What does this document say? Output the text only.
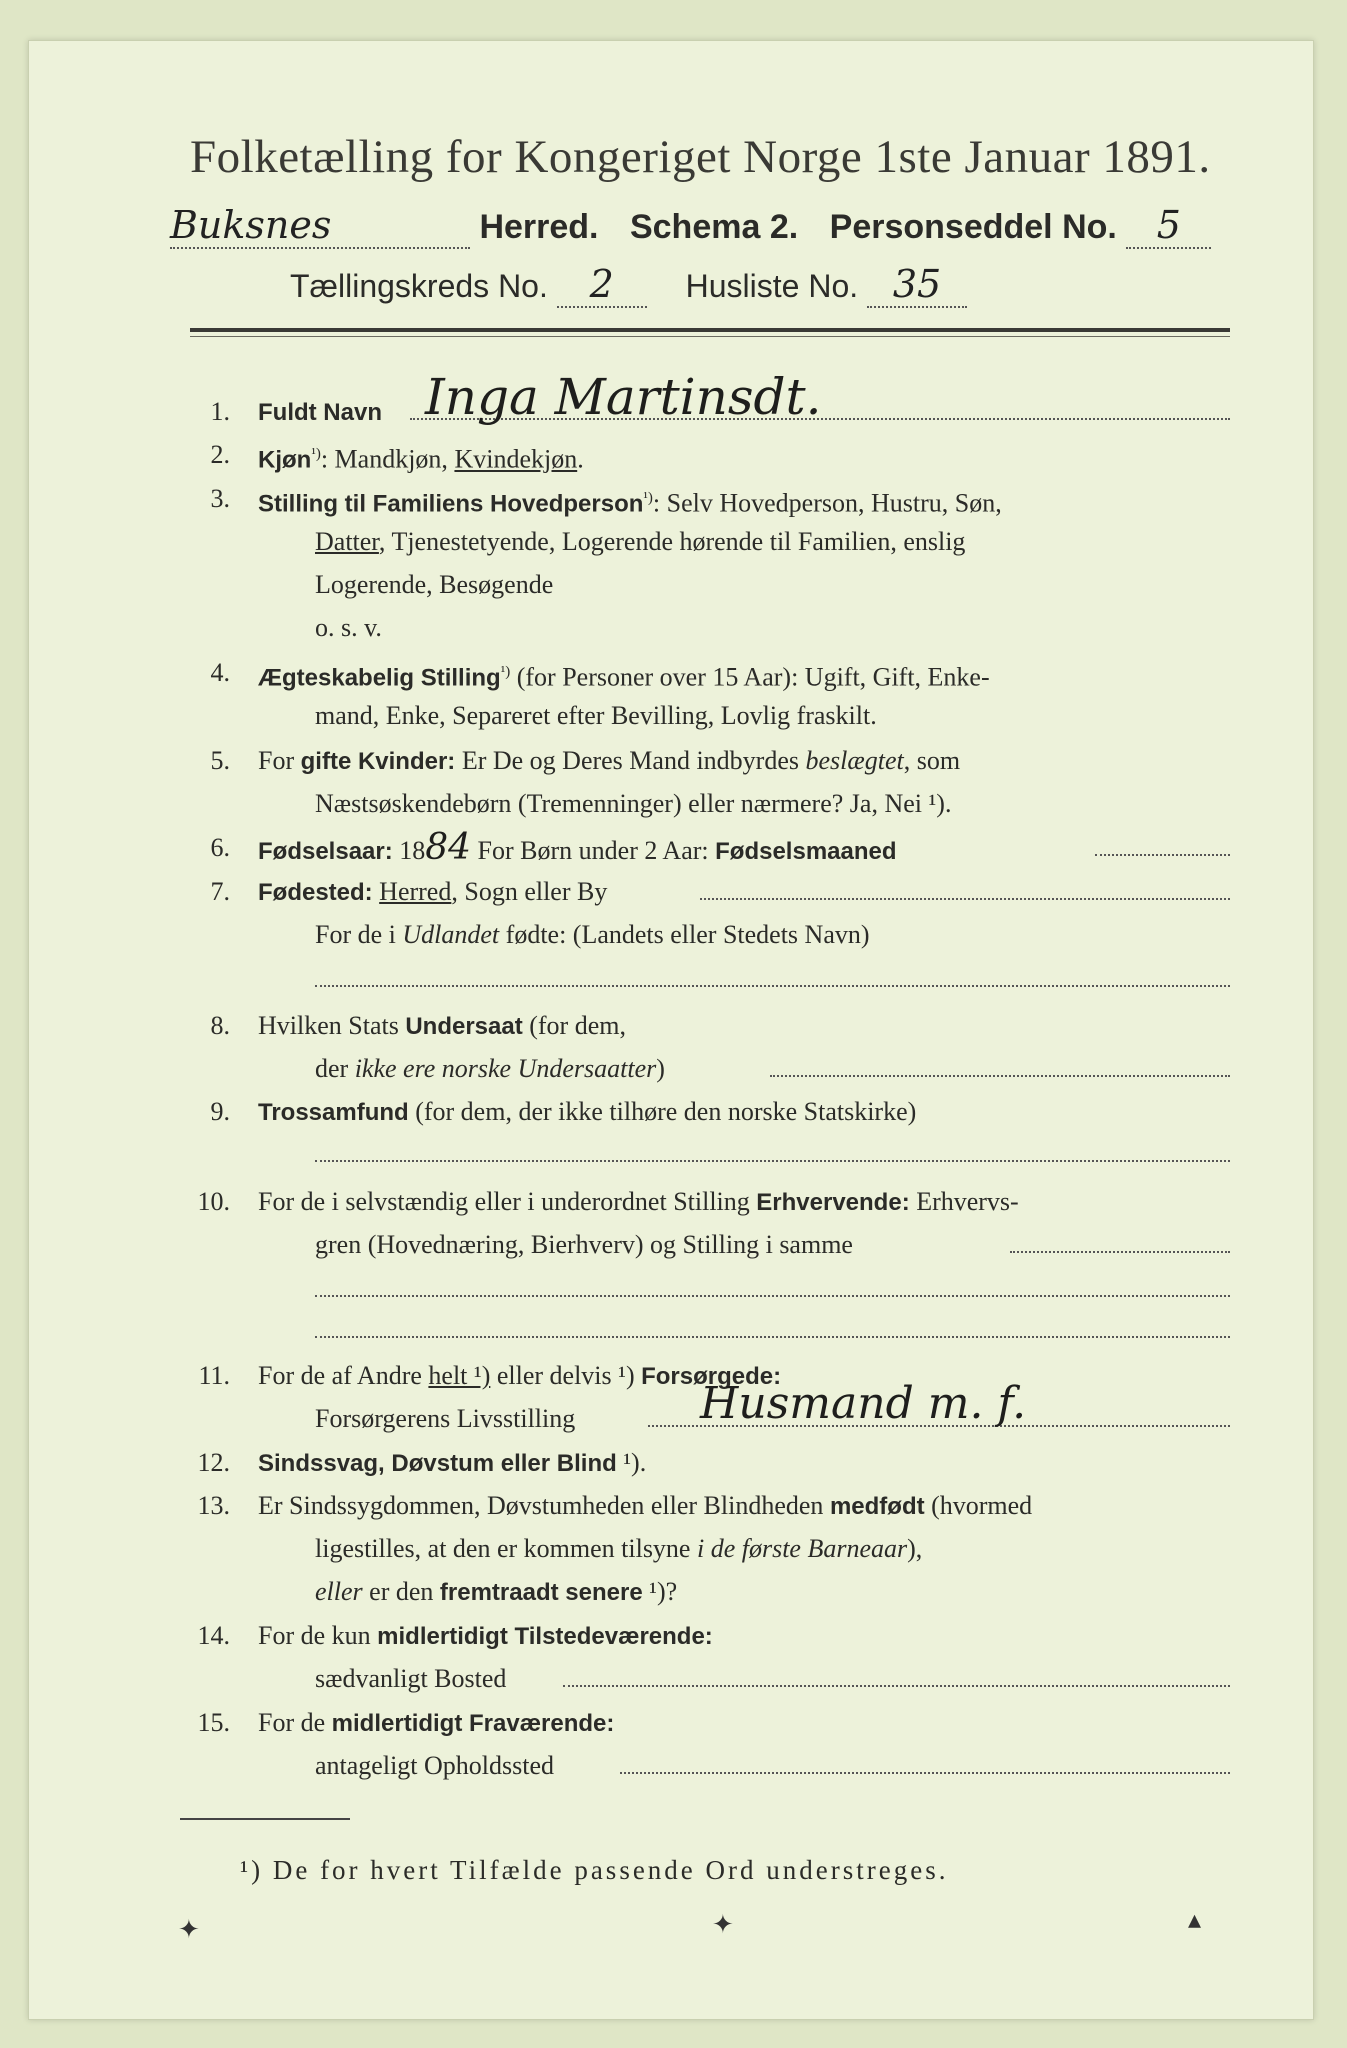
Folketælling for Kongeriget Norge 1ste Januar 1891.
Buksnes	Herred. Schema 2. Personseddel No. 5
Tællingskreds No. 2 Husliste No. 35
1. Fuldt Navn Inga Martinsdt.
2. Kjøn$^{^1)}$: Mandkjøn, Kvindekjøn.
3. Stilling til Familiens Hovedperson$^{^1)}$: Selv Hovedperson, Hustru, Søn,
Datter, Tjenestetyende, Logerende hørende til Familien, enslig
Logerende, Besøgende
o. s. v.
4. Ægteskabelig Stilling$^{^1)}$ (for Personer over 15 Aar): Ugift, Gift, Enke-
mand, Enke, Separeret efter Bevilling, Lovlig fraskilt.
5. For gifte Kvinder: Er De og Deres Mand indbyrdes beslægtet, som
Næstsøskendebørn (Tremenninger) eller nærmere? Ja, Nei ¹).
6. Fødselsaar: 1884 For Børn under 2 Aar: Fødselsmaaned
7. Fødested: Herred, Sogn eller By
For de i Udlandet fødte: (Landets eller Stedets Navn)
8. Hvilken Stats Undersaat (for dem,
der ikke ere norske Undersaatter)
9. Trossamfund (for dem, der ikke tilhøre den norske Statskirke)
10. For de i selvstændig eller i underordnet Stilling Erhvervende: Erhvervs-
gren (Hovednæring, Bierhverv) og Stilling i samme
11. For de af Andre helt ¹) eller delvis ¹) Forsørgede:
Forsørgerens Livsstilling	Husmand m. f.
12. Sindssvag, Døvstum eller Blind ¹).
13. Er Sindssygdommen, Døvstumheden eller Blindheden medfødt (hvormed
ligestilles, at den er kommen tilsyne i de første Barneaar),
eller er den fremtraadt senere ¹)?
14. For de kun midlertidigt Tilstedeværende:
sædvanligt Bosted
15. For de midlertidigt Fraværende:
antageligt Opholdssted
¹) De for hvert Tilfælde passende Ord understreges.
✦	✦	▴
